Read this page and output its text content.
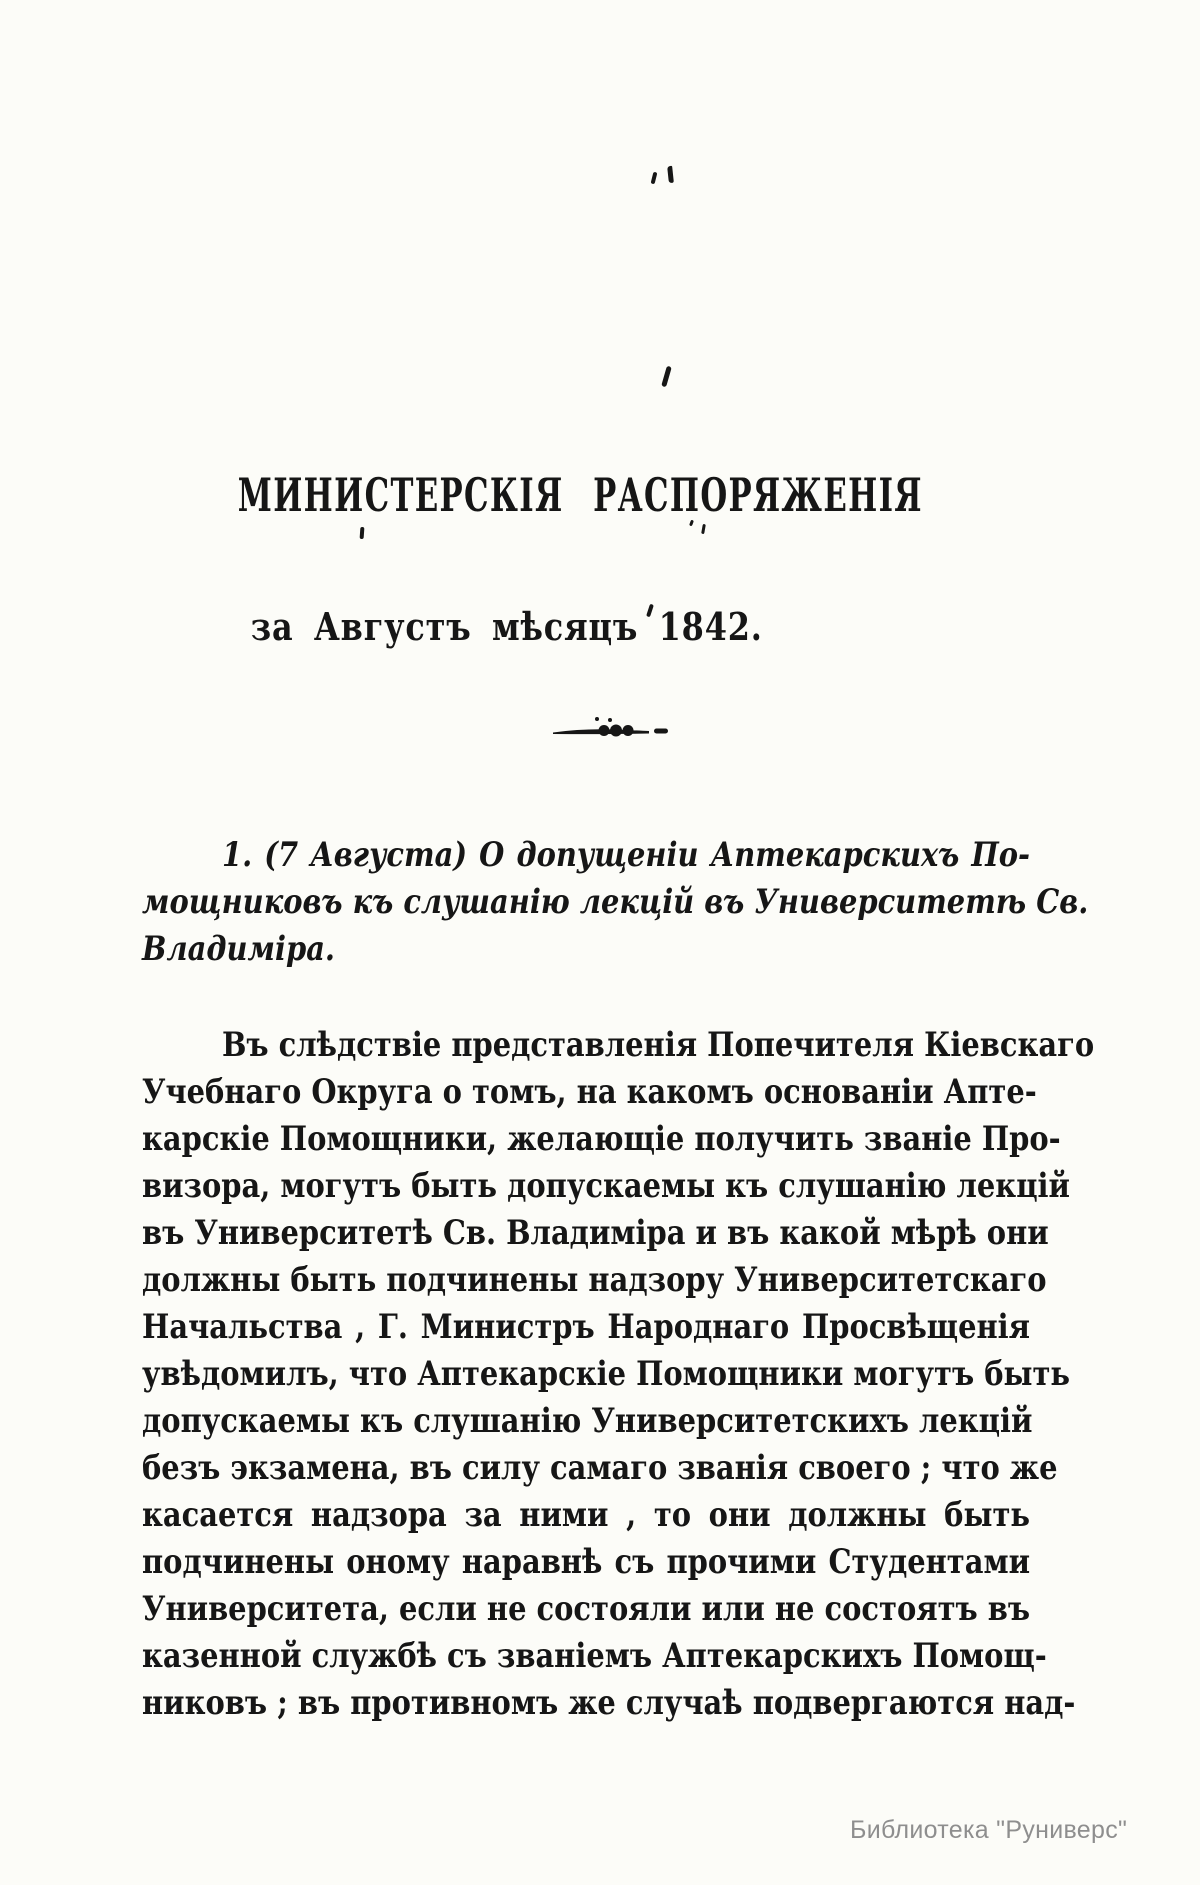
МИНИСТЕРСКІЯ РАСПОРЯЖЕНІЯ
за Августъ мѣсяцъ 1842.
1. (7 Августа) О допущеніи Аптекарскихъ По-
мощниковъ къ слушанію лекцій въ Университетѣ Св.
Владиміра.
Въ слѣдствіе представленія Попечителя Кіевскаго
Учебнаго Округа о томъ, на какомъ основаніи Апте-
карскіе Помощники, желающіе получить званіе Про-
визора, могутъ быть допускаемы къ слушанію лекцій
въ Университетѣ Св. Владиміра и въ какой мѣрѣ они
должны быть подчинены надзору Университетскаго
Начальства , Г. Министръ Народнаго Просвѣщенія
увѣдомилъ, что Аптекарскіе Помощники могутъ быть
допускаемы къ слушанію Университетскихъ лекцій
безъ экзамена, въ силу самаго званія своего ; что же
касается надзора за ними , то они должны быть
подчинены оному наравнѣ съ прочими Студентами
Университета, если не состояли или не состоятъ въ
казенной службѣ съ званіемъ Аптекарскихъ Помощ-
никовъ ; въ противномъ же случаѣ подвергаются над-
Библиотека "Руниверс"
